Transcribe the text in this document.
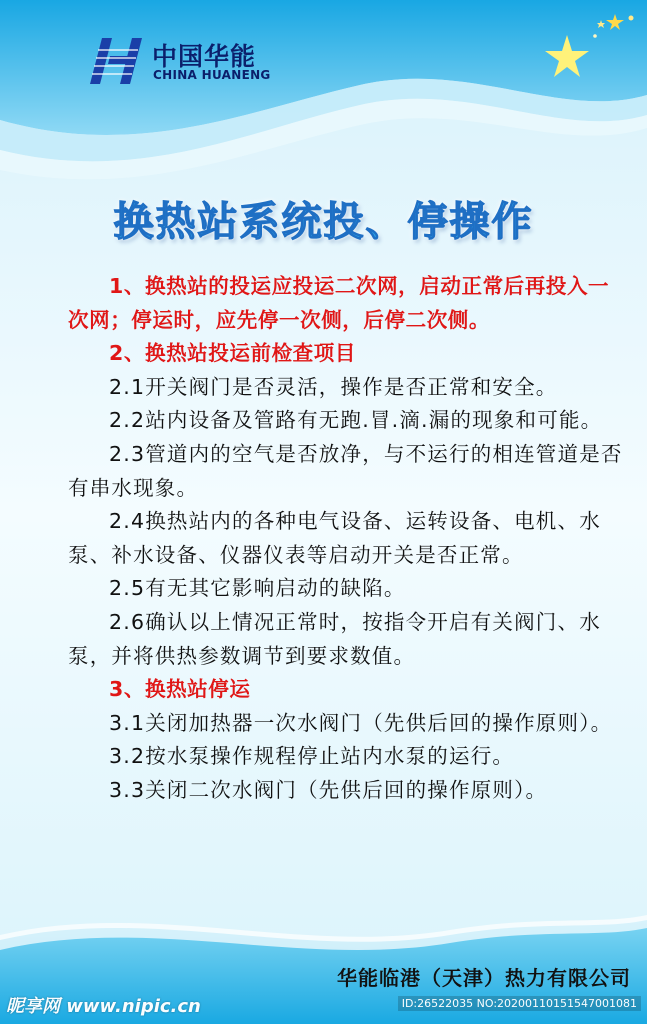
中国华能
CHINA HUANENG
换热站系统投、停操作

1、换热站的投运应投运二次网，启动正常后再投入一次网；停运时，应先停一次侧，后停二次侧。

2、换热站投运前检查项目

2.1开关阀门是否灵活，操作是否正常和安全。

2.2站内设备及管路有无跑.冒.滴.漏的现象和可能。

2.3管道内的空气是否放净，与不运行的相连管道是否有串水现象。

2.4换热站内的各种电气设备、运转设备、电机、水泵、补水设备、仪器仪表等启动开关是否正常。

2.5有无其它影响启动的缺陷。

2.6确认以上情况正常时，按指令开启有关阀门、水泵，并将供热参数调节到要求数值。

3、换热站停运

3.1关闭加热器一次水阀门（先供后回的操作原则）。

3.2按水泵操作规程停止站内水泵的运行。

3.3关闭二次水阀门（先供后回的操作原则）。

华能临港（天津）热力有限公司
昵享网 www.nipic.cn	ID:26522035 NO:20200110151547001081
